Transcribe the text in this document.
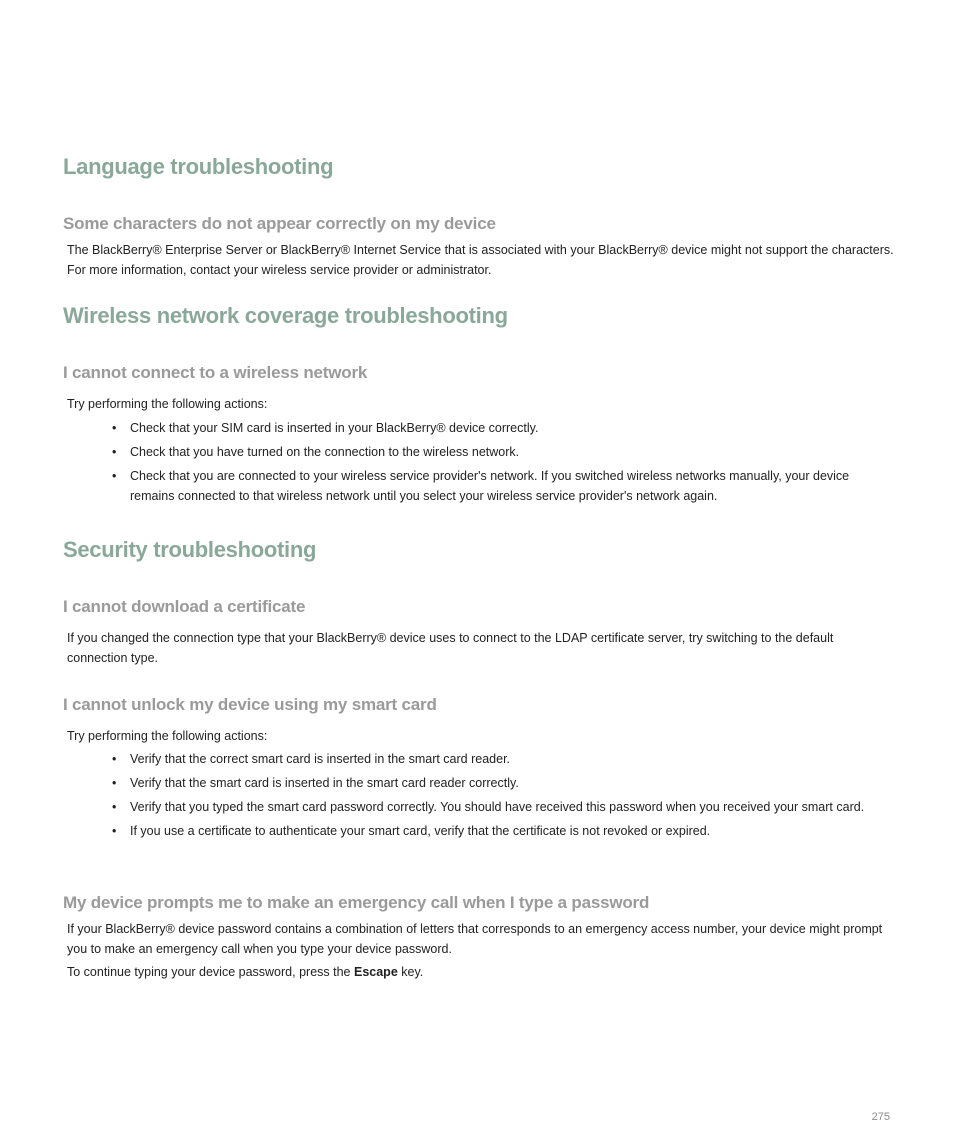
Language troubleshooting
Some characters do not appear correctly on my device

The BlackBerry® Enterprise Server or BlackBerry® Internet Service that is associated with your BlackBerry® device might not support the characters. For more information, contact your wireless service provider or administrator.

Wireless network coverage troubleshooting
I cannot connect to a wireless network

Try performing the following actions:

• Check that your SIM card is inserted in your BlackBerry® device correctly.
• Check that you have turned on the connection to the wireless network.
• Check that you are connected to your wireless service provider's network. If you switched wireless networks manually, your device remains connected to that wireless network until you select your wireless service provider's network again.
Security troubleshooting
I cannot download a certificate

If you changed the connection type that your BlackBerry® device uses to connect to the LDAP certificate server, try switching to the default connection type.

I cannot unlock my device using my smart card

Try performing the following actions:

• Verify that the correct smart card is inserted in the smart card reader.
• Verify that the smart card is inserted in the smart card reader correctly.
• Verify that you typed the smart card password correctly. You should have received this password when you received your smart card.
• If you use a certificate to authenticate your smart card, verify that the certificate is not revoked or expired.
My device prompts me to make an emergency call when I type a password

If your BlackBerry® device password contains a combination of letters that corresponds to an emergency access number, your device might prompt you to make an emergency call when you type your device password.

To continue typing your device password, press the Escape key.

275
